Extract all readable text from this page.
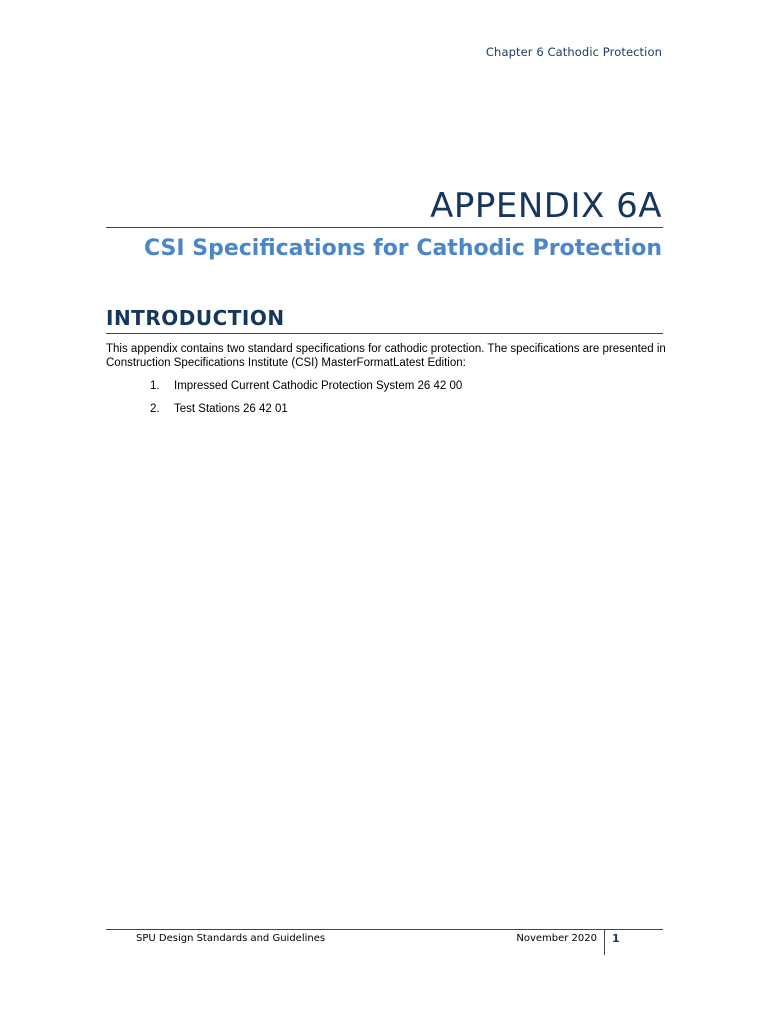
Chapter 6 Cathodic Protection
APPENDIX 6A
CSI Specifications for Cathodic Protection
INTRODUCTION

This appendix contains two standard specifications for cathodic protection. The specifications are presented in Construction Specifications Institute (CSI) MasterFormatLatest Edition:

1.	Impressed Current Cathodic Protection System 26 42 00
2.	Test Stations 26 42 01
SPU Design Standards and Guidelines	November 2020 1
